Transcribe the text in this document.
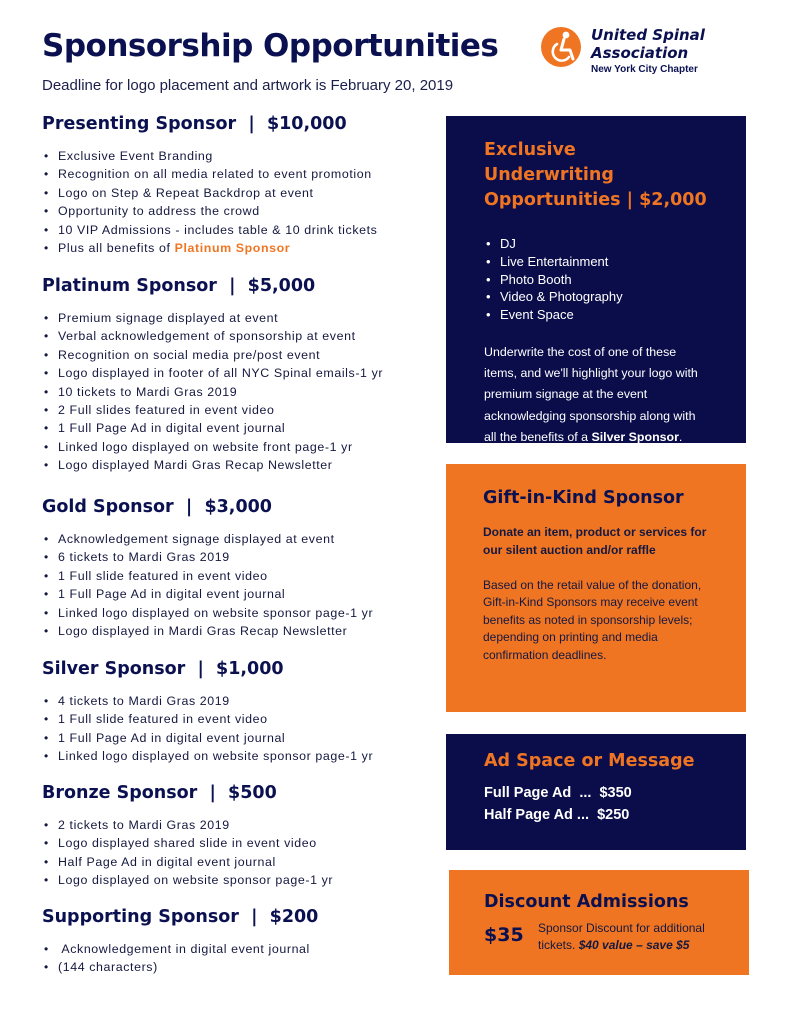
Sponsorship Opportunities
Deadline for logo placement and artwork is February 20, 2019
United Spinal
Association
New York City Chapter
Presenting Sponsor  |  $10,000
• Exclusive Event Branding
• Recognition on all media related to event promotion
• Logo on Step & Repeat Backdrop at event
• Opportunity to address the crowd
• 10 VIP Admissions - includes table & 10 drink tickets
• Plus all benefits of Platinum Sponsor
Platinum Sponsor  |  $5,000
• Premium signage displayed at event
• Verbal acknowledgement of sponsorship at event
• Recognition on social media pre/post event
• Logo displayed in footer of all NYC Spinal emails-1 yr
• 10 tickets to Mardi Gras 2019
• 2 Full slides featured in event video
• 1 Full Page Ad in digital event journal
• Linked logo displayed on website front page-1 yr
• Logo displayed Mardi Gras Recap Newsletter
Gold Sponsor  |  $3,000
• Acknowledgement signage displayed at event
• 6 tickets to Mardi Gras 2019
• 1 Full slide featured in event video
• 1 Full Page Ad in digital event journal
• Linked logo displayed on website sponsor page-1 yr
• Logo displayed in Mardi Gras Recap Newsletter
Silver Sponsor  |  $1,000
• 4 tickets to Mardi Gras 2019
• 1 Full slide featured in event video
• 1 Full Page Ad in digital event journal
• Linked logo displayed on website sponsor page-1 yr
Bronze Sponsor  |  $500
• 2 tickets to Mardi Gras 2019
• Logo displayed shared slide in event video
• Half Page Ad in digital event journal
• Logo displayed on website sponsor page-1 yr
Supporting Sponsor  |  $200
•  Acknowledgement in digital event journal
• (144 characters)
Exclusive Underwriting
Opportunities | $2,000
• DJ
• Live Entertainment
• Photo Booth
• Video & Photography
• Event Space
Underwrite the cost of one of these items, and we'll highlight your logo with premium signage at the event acknowledging sponsorship along with all the benefits of a Silver Sponsor.
Gift-in-Kind Sponsor
Donate an item, product or services for our silent auction and/or raffle
Based on the retail value of the donation, Gift-in-Kind Sponsors may receive event benefits as noted in sponsorship levels; depending on printing and media confirmation deadlines.
Ad Space or Message
Full Page Ad  ...  $350
Half Page Ad ...  $250
Discount Admissions
$35 Sponsor Discount for additional tickets. $40 value – save $5
